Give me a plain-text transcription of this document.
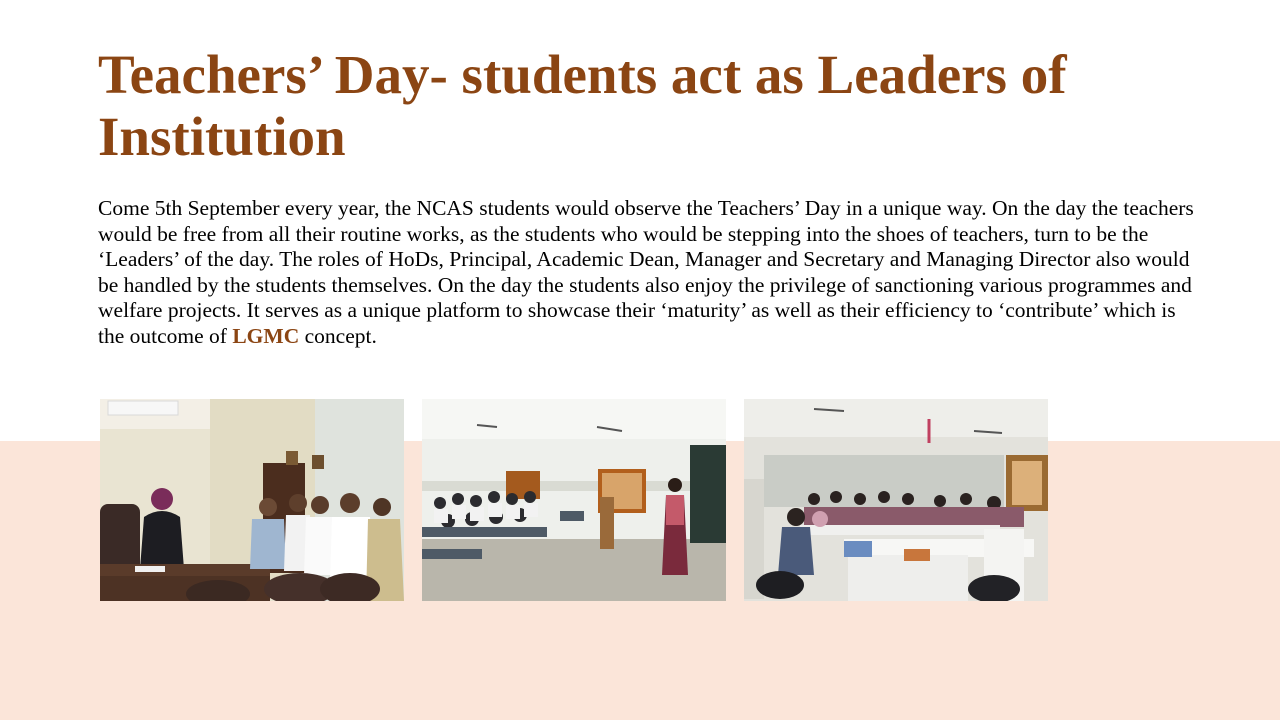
Teachers’ Day- students act as Leaders of Institution

Come 5th September every year, the NCAS students would observe the Teachers’ Day in a unique way. On the day the teachers would be free from all their routine works, as the students who would be stepping into the shoes of teachers, turn to be the ‘Leaders’ of the day. The roles of HoDs, Principal, Academic Dean, Manager and Secretary and Managing Director also would be handled by the students themselves. On the day the students also enjoy the privilege of sanctioning various programmes and welfare projects. It serves as a unique platform to showcase their ‘maturity’ as well as their efficiency to ‘contribute’ which is the outcome of LGMC concept.
